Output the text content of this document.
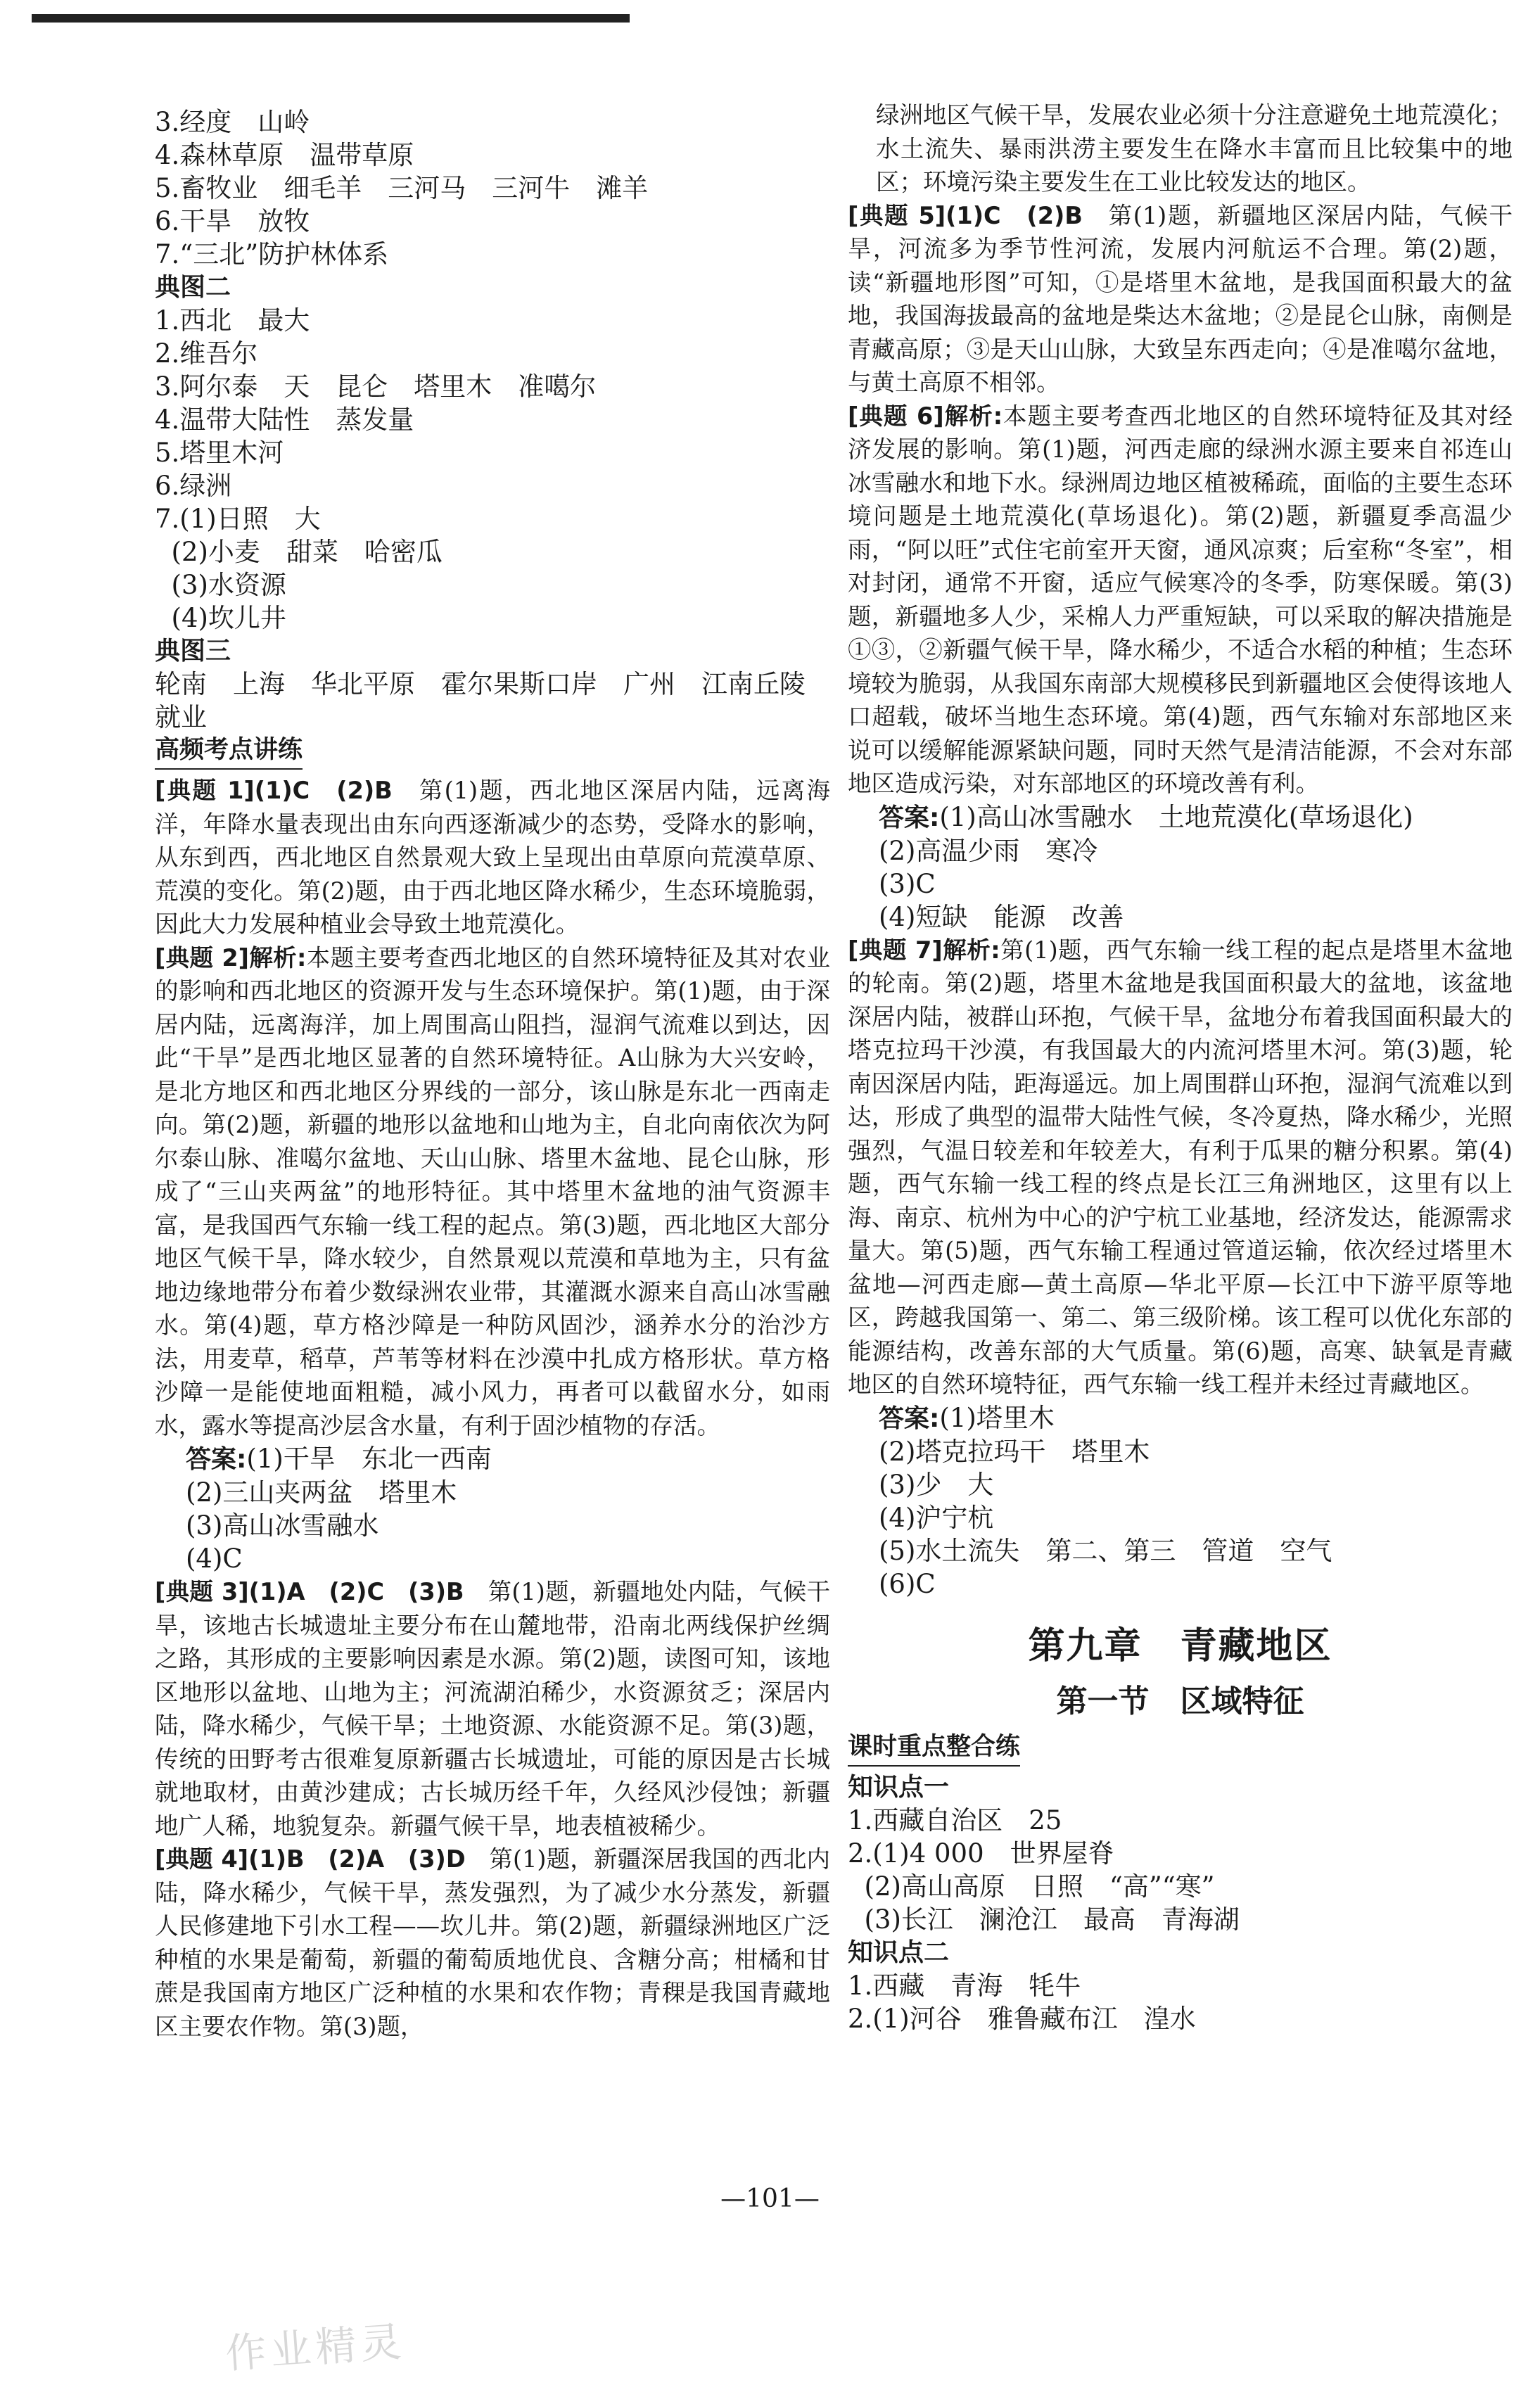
3.经度　山岭
4.森林草原　温带草原
5.畜牧业　细毛羊　三河马　三河牛　滩羊
6.干旱　放牧
7.“三北”防护林体系
典图二
1.西北　最大
2.维吾尔
3.阿尔泰　天　昆仑　塔里木　准噶尔
4.温带大陆性　蒸发量
5.塔里木河
6.绿洲
7.(1)日照　大
(2)小麦　甜菜　哈密瓜
(3)水资源
(4)坎儿井
典图三
轮南　上海　华北平原　霍尔果斯口岸　广州　江南丘陵
就业
高频考点讲练
[典题 1](1)C　(2)B　第(1)题，西北地区深居内陆，远离海洋，年降水量表现出由东向西逐渐减少的态势，受降水的影响，从东到西，西北地区自然景观大致上呈现出由草原向荒漠草原、荒漠的变化。第(2)题，由于西北地区降水稀少，生态环境脆弱，因此大力发展种植业会导致土地荒漠化。
[典题 2]解析:本题主要考查西北地区的自然环境特征及其对农业的影响和西北地区的资源开发与生态环境保护。第(1)题，由于深居内陆，远离海洋，加上周围高山阻挡，湿润气流难以到达，因此“干旱”是西北地区显著的自然环境特征。A山脉为大兴安岭，是北方地区和西北地区分界线的一部分，该山脉是东北一西南走向。第(2)题，新疆的地形以盆地和山地为主，自北向南依次为阿尔泰山脉、准噶尔盆地、天山山脉、塔里木盆地、昆仑山脉，形成了“三山夹两盆”的地形特征。其中塔里木盆地的油气资源丰富，是我国西气东输一线工程的起点。第(3)题，西北地区大部分地区气候干旱，降水较少，自然景观以荒漠和草地为主，只有盆地边缘地带分布着少数绿洲农业带，其灌溉水源来自高山冰雪融水。第(4)题，草方格沙障是一种防风固沙，涵养水分的治沙方法，用麦草，稻草，芦苇等材料在沙漠中扎成方格形状。草方格沙障一是能使地面粗糙，减小风力，再者可以截留水分，如雨水，露水等提高沙层含水量，有利于固沙植物的存活。
答案:(1)干旱　东北一西南
(2)三山夹两盆　塔里木
(3)高山冰雪融水
(4)C
[典题 3](1)A　(2)C　(3)B　第(1)题，新疆地处内陆，气候干旱，该地古长城遗址主要分布在山麓地带，沿南北两线保护丝绸之路，其形成的主要影响因素是水源。第(2)题，读图可知，该地区地形以盆地、山地为主；河流湖泊稀少，水资源贫乏；深居内陆，降水稀少，气候干旱；土地资源、水能资源不足。第(3)题，传统的田野考古很难复原新疆古长城遗址，可能的原因是古长城就地取材，由黄沙建成；古长城历经千年，久经风沙侵蚀；新疆地广人稀，地貌复杂。新疆气候干旱，地表植被稀少。
[典题 4](1)B　(2)A　(3)D　第(1)题，新疆深居我国的西北内陆，降水稀少，气候干旱，蒸发强烈，为了减少水分蒸发，新疆人民修建地下引水工程——坎儿井。第(2)题，新疆绿洲地区广泛种植的水果是葡萄，新疆的葡萄质地优良、含糖分高；柑橘和甘蔗是我国南方地区广泛种植的水果和农作物；青稞是我国青藏地区主要农作物。第(3)题，
绿洲地区气候干旱，发展农业必须十分注意避免土地荒漠化；水土流失、暴雨洪涝主要发生在降水丰富而且比较集中的地区；环境污染主要发生在工业比较发达的地区。
[典题 5](1)C　(2)B　第(1)题，新疆地区深居内陆，气候干旱，河流多为季节性河流，发展内河航运不合理。第(2)题，读“新疆地形图”可知，①是塔里木盆地，是我国面积最大的盆地，我国海拔最高的盆地是柴达木盆地；②是昆仑山脉，南侧是青藏高原；③是天山山脉，大致呈东西走向；④是准噶尔盆地，与黄土高原不相邻。
[典题 6]解析:本题主要考查西北地区的自然环境特征及其对经济发展的影响。第(1)题，河西走廊的绿洲水源主要来自祁连山冰雪融水和地下水。绿洲周边地区植被稀疏，面临的主要生态环境问题是土地荒漠化(草场退化)。第(2)题，新疆夏季高温少雨，“阿以旺”式住宅前室开天窗，通风凉爽；后室称“冬室”，相对封闭，通常不开窗，适应气候寒冷的冬季，防寒保暖。第(3)题，新疆地多人少，采棉人力严重短缺，可以采取的解决措施是①③，②新疆气候干旱，降水稀少，不适合水稻的种植；生态环境较为脆弱，从我国东南部大规模移民到新疆地区会使得该地人口超载，破坏当地生态环境。第(4)题，西气东输对东部地区来说可以缓解能源紧缺问题，同时天然气是清洁能源，不会对东部地区造成污染，对东部地区的环境改善有利。
答案:(1)高山冰雪融水　土地荒漠化(草场退化)
(2)高温少雨　寒冷
(3)C
(4)短缺　能源　改善
[典题 7]解析:第(1)题，西气东输一线工程的起点是塔里木盆地的轮南。第(2)题，塔里木盆地是我国面积最大的盆地，该盆地深居内陆，被群山环抱，气候干旱，盆地分布着我国面积最大的塔克拉玛干沙漠，有我国最大的内流河塔里木河。第(3)题，轮南因深居内陆，距海遥远。加上周围群山环抱，湿润气流难以到达，形成了典型的温带大陆性气候，冬冷夏热，降水稀少，光照强烈，气温日较差和年较差大，有利于瓜果的糖分积累。第(4)题，西气东输一线工程的终点是长江三角洲地区，这里有以上海、南京、杭州为中心的沪宁杭工业基地，经济发达，能源需求量大。第(5)题，西气东输工程通过管道运输，依次经过塔里木盆地—河西走廊—黄土高原—华北平原—长江中下游平原等地区，跨越我国第一、第二、第三级阶梯。该工程可以优化东部的能源结构，改善东部的大气质量。第(6)题，高寒、缺氧是青藏地区的自然环境特征，西气东输一线工程并未经过青藏地区。
答案:(1)塔里木
(2)塔克拉玛干　塔里木
(3)少　大
(4)沪宁杭
(5)水土流失　第二、第三　管道　空气
(6)C
第九章　青藏地区
第一节　区域特征
课时重点整合练
知识点一
1.西藏自治区　25
2.(1)4 000　世界屋脊
(2)高山高原　日照　“高”“寒”
(3)长江　澜沧江　最高　青海湖
知识点二
1.西藏　青海　牦牛
2.(1)河谷　雅鲁藏布江　湟水
—101—
作业精灵
